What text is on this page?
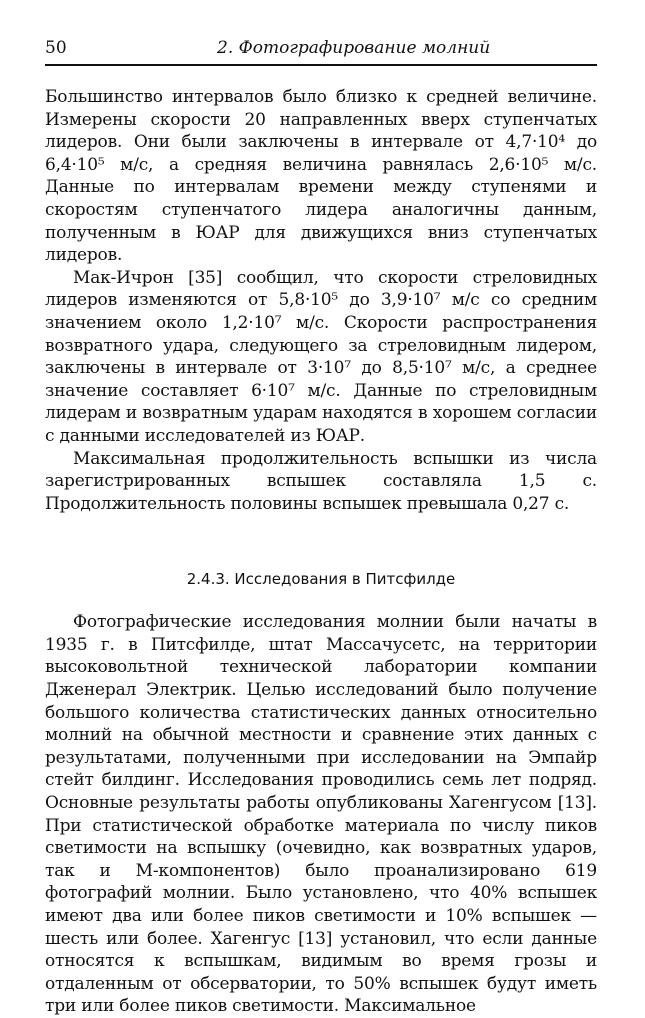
50	2. Фотографирование молний

Большинство интервалов было близко к средней величине. Измерены скорости 20 направленных вверх ступенчатых лидеров. Они были заключены в интервале от 4,7·10⁴ до 6,4·10⁵ м/с, а средняя величина равнялась 2,6·10⁵ м/с. Данные по интервалам времени между ступенями и скоростям ступенчатого лидера аналогичны данным, полученным в ЮАР для движущихся вниз ступенчатых лидеров.

Мак-Ичрон [35] сообщил, что скорости стреловидных лидеров изменяются от 5,8·10⁵ до 3,9·10⁷ м/с со средним значением около 1,2·10⁷ м/с. Скорости распространения возвратного удара, следующего за стреловидным лидером, заключены в интервале от 3·10⁷ до 8,5·10⁷ м/с, а среднее значение составляет 6·10⁷ м/с. Данные по стреловидным лидерам и возвратным ударам находятся в хорошем согласии с данными исследователей из ЮАР.

Максимальная продолжительность вспышки из числа зарегистрированных вспышек составляла 1,5 с. Продолжительность половины вспышек превышала 0,27 с.

2.4.3. Исследования в Питсфилде

Фотографические исследования молнии были начаты в 1935 г. в Питсфилде, штат Массачусетс, на территории высоковольтной технической лаборатории компании Дженерал Электрик. Целью исследований было получение большого количества статистических данных относительно молний на обычной местности и сравнение этих данных с результатами, полученными при исследовании на Эмпайр стейт билдинг. Исследования проводились семь лет подряд. Основные результаты работы опубликованы Хагенгусом [13]. При статистической обработке материала по числу пиков светимости на вспышку (очевидно, как возвратных ударов, так и М-компонентов) было проанализировано 619 фотографий молнии. Было установлено, что 40% вспышек имеют два или более пиков светимости и 10% вспышек — шесть или более. Хагенгус [13] установил, что если данные относятся к вспышкам, видимым во время грозы и отдаленным от обсерватории, то 50% вспышек будут иметь три или более пиков светимости. Максимальное
